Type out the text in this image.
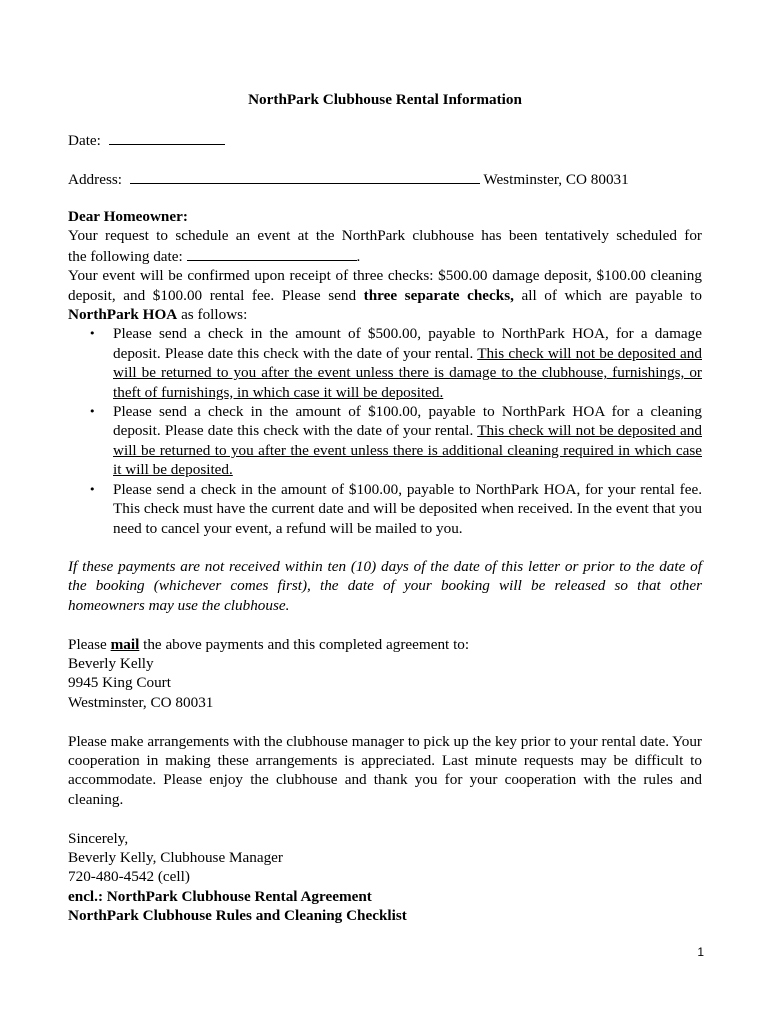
NorthPark Clubhouse Rental Information
Date:
Address:	Westminster, CO 80031

Dear Homeowner:

Your request to schedule an event at the NorthPark clubhouse has been tentatively scheduled for

the following date:	.

Your event will be confirmed upon receipt of three checks: $500.00 damage deposit, $100.00 cleaning deposit, and $100.00 rental fee. Please send three separate checks, all of which are payable to NorthPark HOA as follows:

• Please send a check in the amount of $500.00, payable to NorthPark HOA, for a damage deposit. Please date this check with the date of your rental. This check will not be deposited and will be returned to you after the event unless there is damage to the clubhouse, furnishings, or theft of furnishings, in which case it will be deposited.
• Please send a check in the amount of $100.00, payable to NorthPark HOA for a cleaning deposit. Please date this check with the date of your rental. This check will not be deposited and will be returned to you after the event unless there is additional cleaning required in which case it will be deposited.
• Please send a check in the amount of $100.00, payable to NorthPark HOA, for your rental fee. This check must have the current date and will be deposited when received. In the event that you need to cancel your event, a refund will be mailed to you.

If these payments are not received within ten (10) days of the date of this letter or prior to the date of the booking (whichever comes first), the date of your booking will be released so that other homeowners may use the clubhouse.

Please mail the above payments and this completed agreement to:

Beverly Kelly

9945 King Court

Westminster, CO 80031

Please make arrangements with the clubhouse manager to pick up the key prior to your rental date. Your cooperation in making these arrangements is appreciated. Last minute requests may be difficult to accommodate. Please enjoy the clubhouse and thank you for your cooperation with the rules and cleaning.

Sincerely,

Beverly Kelly, Clubhouse Manager

720-480-4542 (cell)

encl.: NorthPark Clubhouse Rental Agreement

NorthPark Clubhouse Rules and Cleaning Checklist

1
